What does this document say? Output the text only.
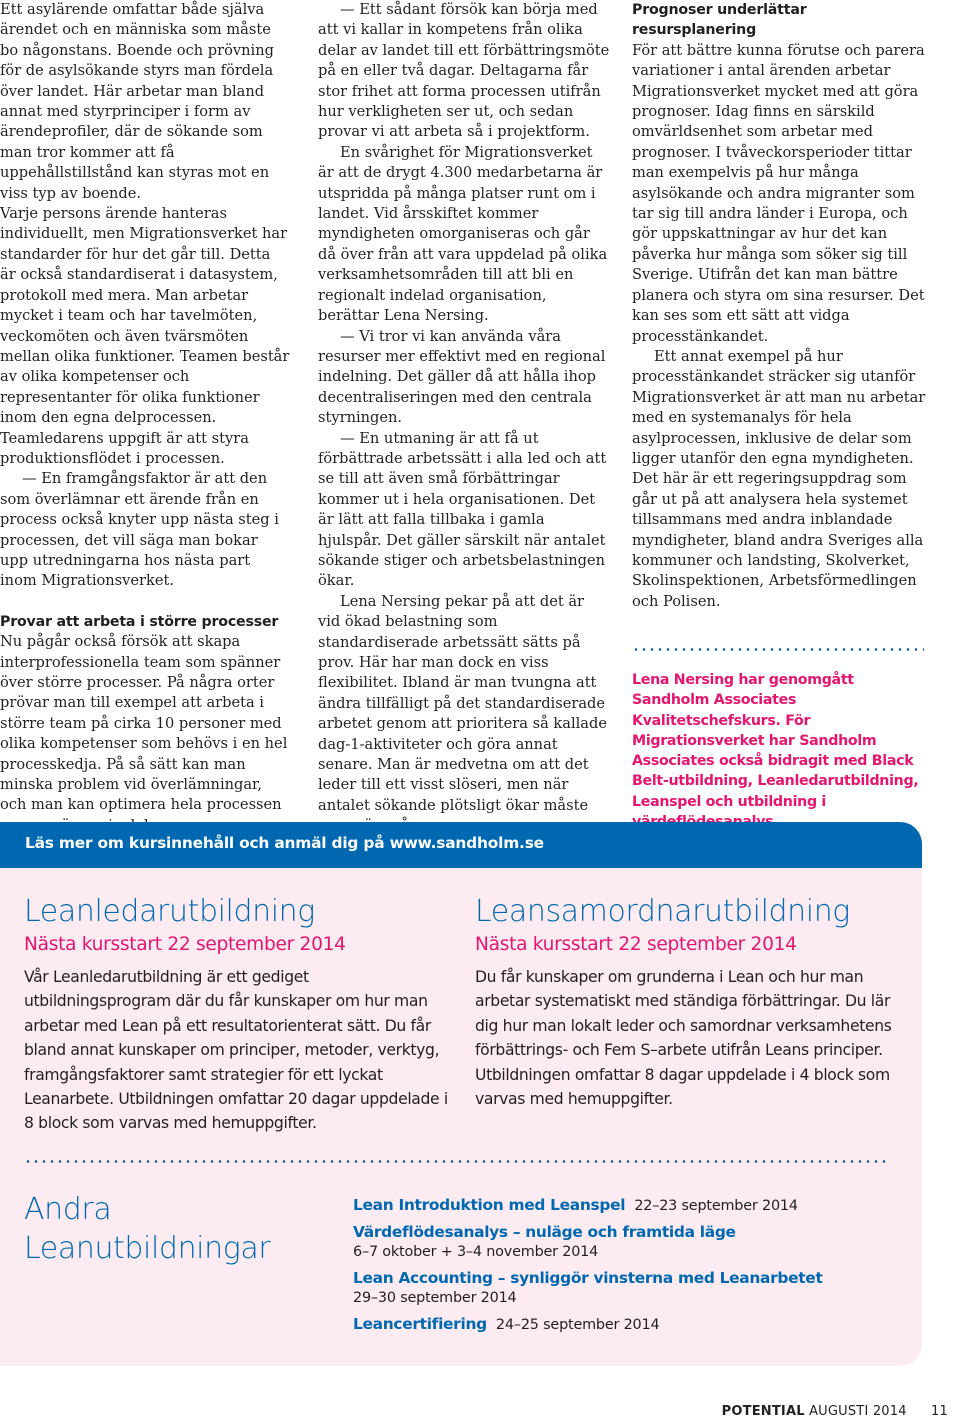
Ett asylärende omfattar både själva ärendet och en människa som måste bo någonstans. Boende och prövning för de asylsökande styrs man fördela över landet. Här arbetar man bland annat med styrprinciper i form av ärendeprofiler, där de sökande som man tror kommer att få uppehållstillstånd kan styras mot en viss typ av boende.

Varje persons ärende hanteras individuellt, men Migrationsverket har standarder för hur det går till. Detta är också standardiserat i datasystem, protokoll med mera. Man arbetar mycket i team och har tavelmöten, veckomöten och även tvärsmöten mellan olika funktioner. Teamen består av olika kompetenser och representanter för olika funktioner inom den egna delprocessen. Teamledarens uppgift är att styra produktionsflödet i processen.

— En framgångsfaktor är att den som överlämnar ett ärende från en process också knyter upp nästa steg i processen, det vill säga man bokar upp utredningarna hos nästa part inom Migrationsverket.

Provar att arbeta i större processer

Nu pågår också försök att skapa interprofessionella team som spänner över större processer. På några orter prövar man till exempel att arbeta i större team på cirka 10 personer med olika kompetenser som behövs i en hel processkedja. På så sätt kan man minska problem vid överlämningar, och man kan optimera hela processen

— Ett sådant försök kan börja med att vi kallar in kompetens från olika delar av landet till ett förbättringsmöte på en eller två dagar. Deltagarna får stor frihet att forma processen utifrån hur verkligheten ser ut, och sedan provar vi att arbeta så i projektform.

En svårighet för Migrationsverket är att de drygt 4.300 medarbetarna är utspridda på många platser runt om i landet. Vid årsskiftet kommer myndigheten omorganiseras och går då över från att vara uppdelad på olika verksamhetsområden till att bli en regionalt indelad organisation, berättar Lena Nersing.

— Vi tror vi kan använda våra resurser mer effektivt med en regional indelning. Det gäller då att hålla ihop decentraliseringen med den centrala styrningen.

— En utmaning är att få ut förbättrade arbetssätt i alla led och att se till att även små förbättringar kommer ut i hela organisationen. Det är lätt att falla tillbaka i gamla hjulspår. Det gäller särskilt när antalet sökande stiger och arbetsbelastningen ökar.

Lena Nersing pekar på att det är vid ökad belastning som standardiserade arbetssätt sätts på prov. Här har man dock en viss flexibilitet. Ibland är man tvungna att ändra tillfälligt på det standardiserade arbetet genom att prioritera så kallade dag-1-aktiviteter och göra annat senare. Man är medvetna om att det leder till ett visst slöseri, men när antalet sökande plötsligt ökar måste

Prognoser underlättar resursplanering

För att bättre kunna förutse och parera variationer i antal ärenden arbetar Migrationsverket mycket med att göra prognoser. Idag finns en särskild omvärldsenhet som arbetar med prognoser. I tvåveckorsperioder tittar man exempelvis på hur många asylsökande och andra migranter som tar sig till andra länder i Europa, och gör uppskattningar av hur det kan påverka hur många som söker sig till Sverige. Utifrån det kan man bättre planera och styra om sina resurser. Det kan ses som ett sätt att vidga processtänkandet.

Ett annat exempel på hur processtänkandet sträcker sig utanför Migrationsverket är att man nu arbetar med en systemanalys för hela asylprocessen, inklusive de delar som ligger utanför den egna myndigheten. Det här är ett regeringsuppdrag som går ut på att analysera hela systemet tillsammans med andra inblandade myndigheter, bland andra Sveriges alla kommuner och landsting, Skolverket, Skolinspektionen, Arbetsförmedlingen och Polisen.

Lena Nersing har genomgått Sandholm Associates Kvalitetschefskurs. För Migrationsverket har Sandholm Associates också bidragit med Black Belt-utbildning, Leanledarutbildning, Leanspel och utbildning i
Läs mer om kursinnehåll och anmäl dig på www.sandholm.se
Leanledarutbildning
Nästa kursstart 22 september 2014
Vår Leanledarutbildning är ett gediget utbildningsprogram där du får kunskaper om hur man arbetar med Lean på ett resultatorienterat sätt. Du får bland annat kunskaper om principer, metoder, verktyg, framgångsfaktorer samt strategier för ett lyckat Leanarbete. Utbildningen omfattar 20 dagar uppdelade i 8 block som varvas med hemuppgifter.
Leansamordnarutbildning
Nästa kursstart 22 september 2014
Du får kunskaper om grunderna i Lean och hur man arbetar systematiskt med ständiga förbättringar. Du lär dig hur man lokalt leder och samordnar verksamhetens förbättrings- och Fem S–arbete utifrån Leans principer. Utbildningen omfattar 8 dagar uppdelade i 4 block som varvas med hemuppgifter.
Andra
Leanutbildningar
Lean Introduktion med Leanspel 22–23 september 2014
Värdeflödesanalys – nuläge och framtida läge
6–7 oktober + 3–4 november 2014
Lean Accounting – synliggör vinsterna med Leanarbetet
29–30 september 2014
Leancertifiering 24–25 september 2014
POTENTIAL AUGUSTI 2014 11
